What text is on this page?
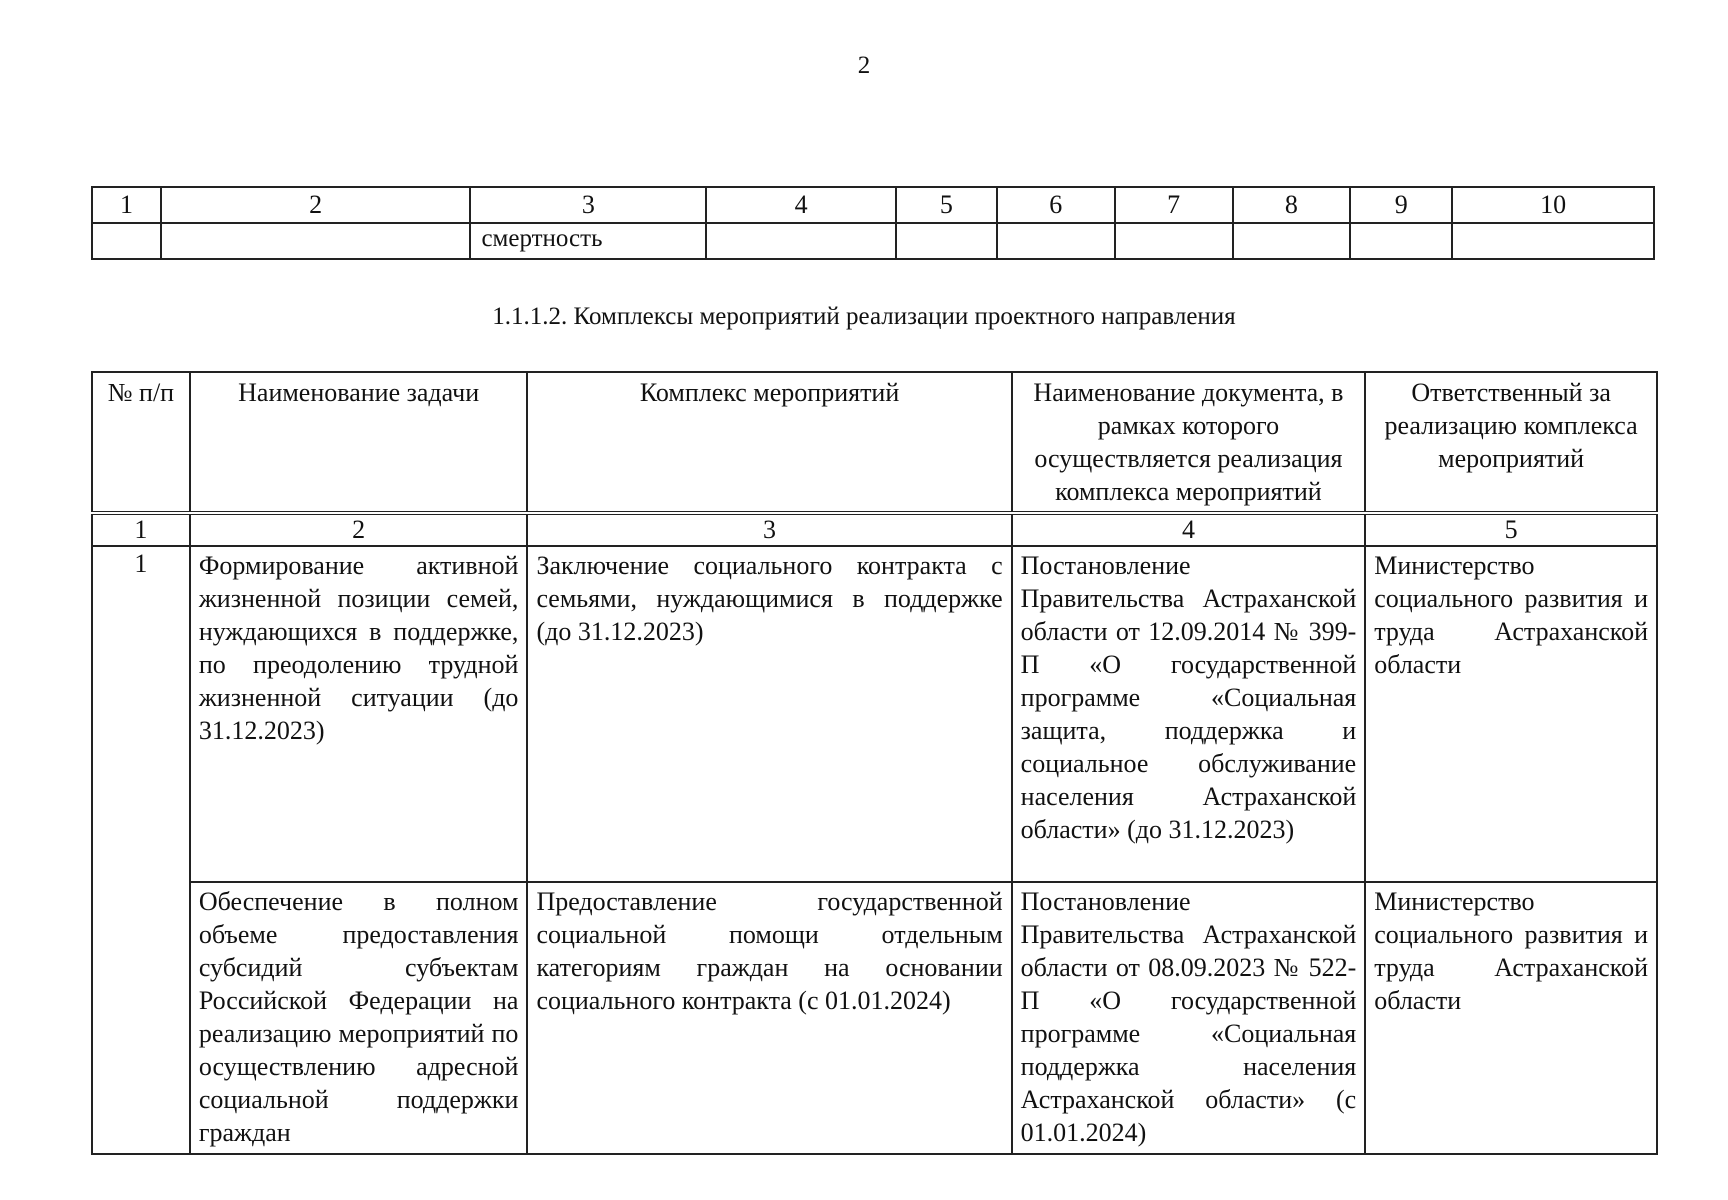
2
1	2	3	4	5	6	7	8	9	10

		смертность							

1.1.1.2. Комплексы мероприятий реализации проектного направления
№ п/п	Наименование задачи	Комплекс мероприятий	Наименование документа, в рамках которого осуществляется реализация комплекса мероприятий	Ответственный за реализацию комплекса мероприятий
1	2	3	4	5
1	Формирование активной жизненной позиции семей, нуждающихся в поддержке, по преодолению трудной жизненной ситуации (до 31.12.2023)	Заключение социального контракта с семьями, нуждающимися в поддержке (до 31.12.2023)	Постановление Правительства Астраханской области от 12.09.2014 № 399-П «О государственной программе «Социальная защита, поддержка и социальное обслуживание населения Астраханской области» (до 31.12.2023)	Министерство социального развития и труда Астраханской области
	Обеспечение в полном объеме предоставления субсидий субъектам Российской Федерации на реализацию мероприятий по осуществлению адресной социальной поддержки граждан	Предоставление государственной социальной помощи отдельным категориям граждан на основании социального контракта (с 01.01.2024)	Постановление Правительства Астраханской области от 08.09.2023 № 522-П «О государственной программе «Социальная поддержка населения Астраханской области» (с 01.01.2024)	Министерство социального развития и труда Астраханской области
